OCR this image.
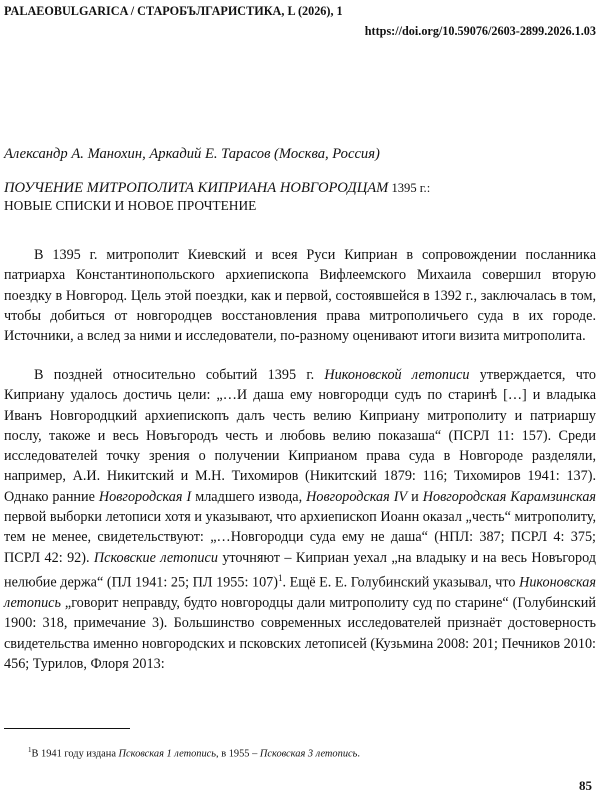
PALAEOBULGARICA / СТАРОБЪЛГАРИСТИКА, L (2026), 1
https://doi.org/10.59076/2603-2899.2026.1.03
Александр А. Манохин, Аркадий Е. Тарасов (Москва, Россия)
ПОУЧЕНИЕ МИТРОПОЛИТА КИПРИАНА НОВГОРОДЦАМ 1395 г.:
НОВЫЕ СПИСКИ И НОВОЕ ПРОЧТЕНИЕ

В 1395 г. митрополит Киевский и всея Руси Киприан в сопровождении посланника патриарха Константинопольского архиепископа Вифлеемского Михаила совершил вторую поездку в Новгород. Цель этой поездки, как и первой, состоявшейся в 1392 г., заключалась в том, чтобы добиться от новгородцев восстановления права митрополичьего суда в их городе. Источники, а вслед за ними и исследователи, по-разному оценивают итоги визита митрополита.

В поздней относительно событий 1395 г. Никоновской летописи утверждается, что Киприану удалось достичь цели: „…И даша ему новгородци судъ по старинѣ […] и владыка Иванъ Новгородцкий архиепископъ далъ честь велию Киприану митрополиту и патриаршу послу, такоже и весь Новъгородъ честь и любовь велию показаша“ (ПСРЛ 11: 157). Среди исследователей точку зрения о получении Киприаном права суда в Новгороде разделяли, например, А.И. Никитский и М.Н. Тихомиров (Никитский 1879: 116; Тихомиров 1941: 137). Однако ранние Новгородская I младшего извода, Новгородская IV и Новгородская Карамзинская первой выборки летописи хотя и указывают, что архиепископ Иоанн оказал „честь“ митрополиту, тем не менее, свидетельствуют: „…Новгородци суда ему не даша“ (НПЛ: 387; ПСРЛ 4: 375; ПСРЛ 42: 92). Псковские летописи уточняют – Киприан уехал „на владыку и на весь Новъгород нелюбие держа“ (ПЛ 1941: 25; ПЛ 1955: 107)$^1$. Ещё Е. Е. Голубинский указывал, что Никоновская летопись „говорит неправду, будто новгородцы дали митрополиту суд по старине“ (Голубинский 1900: 318, примечание 3). Большинство современных исследователей признаёт достоверность свидетельства именно новгородских и псковских летописей (Кузьмина 2008: 201; Печников 2010: 456; Турилов, Флоря 2013:

$^1$В 1941 году издана Псковская 1 летопись, в 1955 – Псковская 3 летопись.
85
